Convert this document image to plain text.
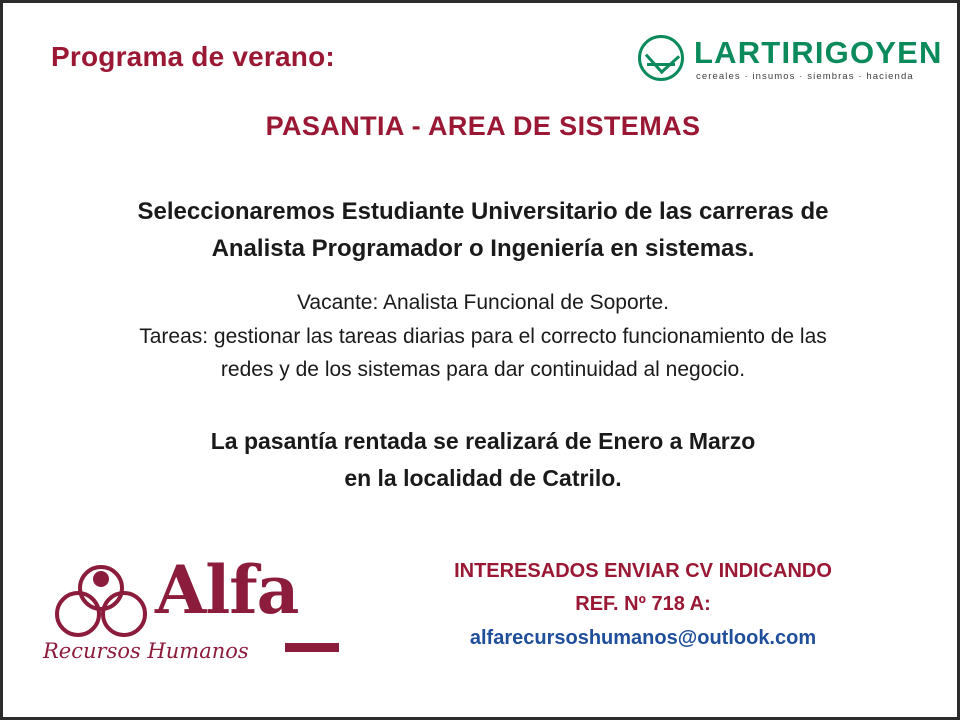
Programa de verano:	LARTIRIGOYEN
cereales · insumos · siembras · hacienda
PASANTIA - AREA DE SISTEMAS
Seleccionaremos Estudiante Universitario de las carreras de
Analista Programador o Ingeniería en sistemas.
Vacante: Analista Funcional de Soporte.
Tareas: gestionar las tareas diarias para el correcto funcionamiento de las
redes y de los sistemas para dar continuidad al negocio.
La pasantía rentada se realizará de Enero a Marzo
en la localidad de Catrilo.
Alfa
Recursos Humanos
INTERESADOS ENVIAR CV INDICANDO
REF. Nº 718 A:
alfarecursoshumanos@outlook.com
